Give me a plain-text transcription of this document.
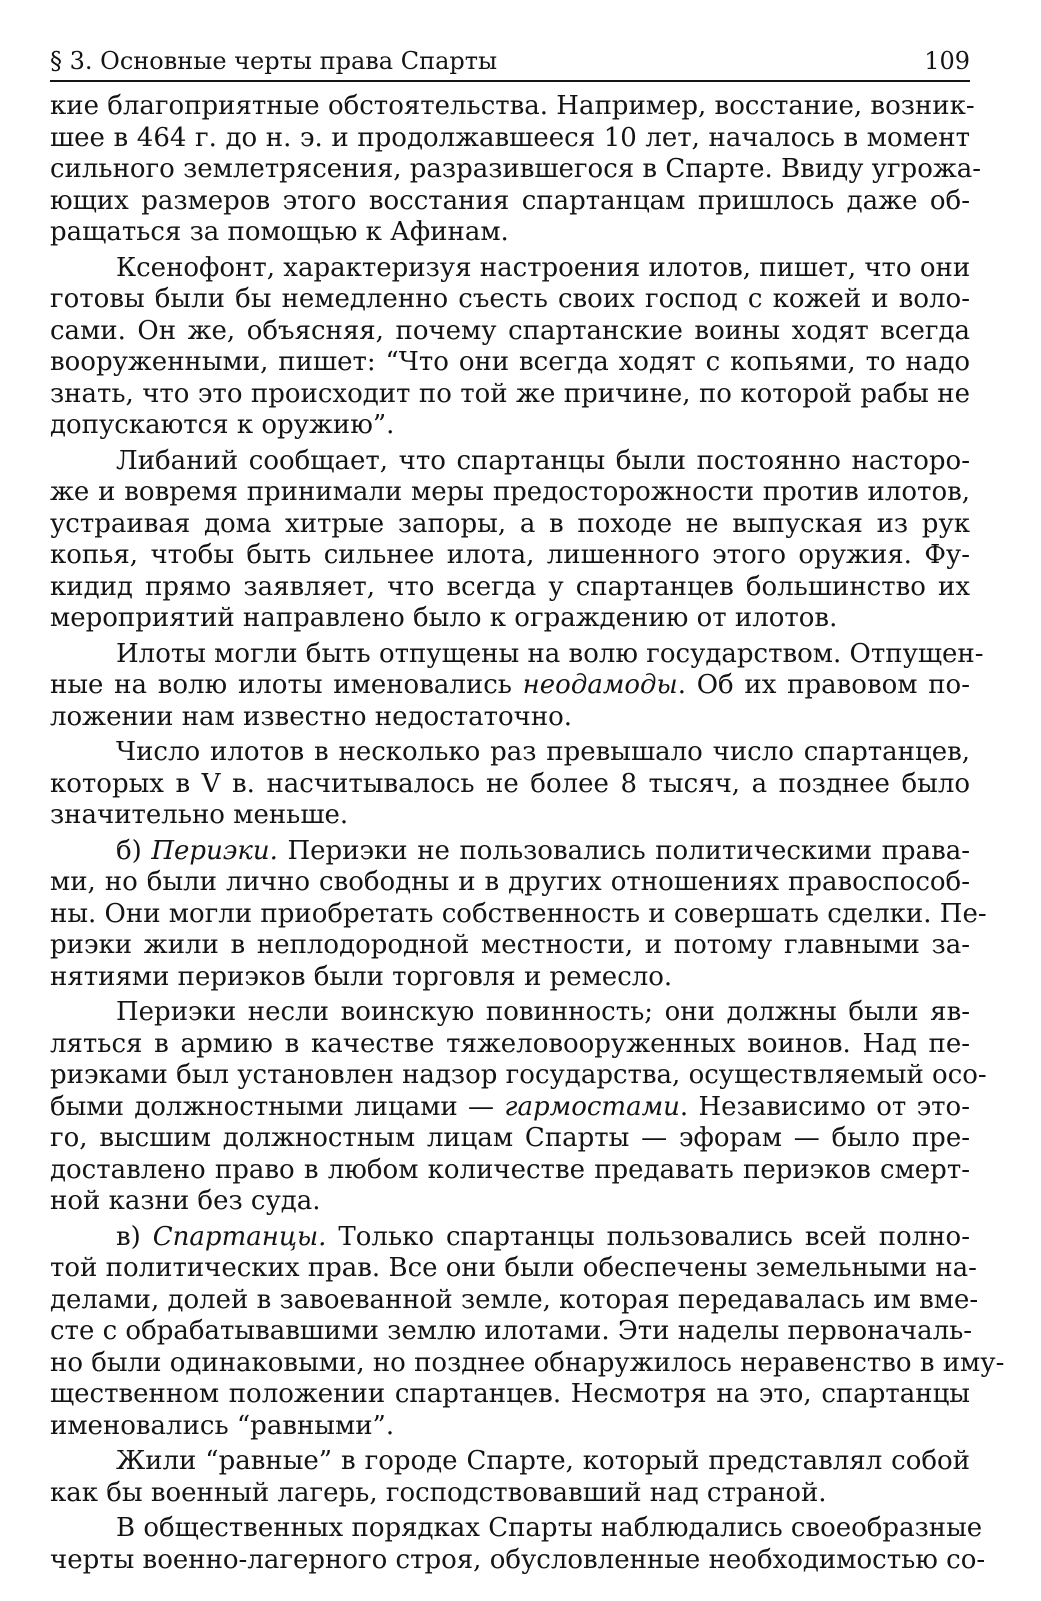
§ 3. Основные черты права Спарты	109
кие благоприятные обстоятельства. Например, восстание, возник-
шее в 464 г. до н. э. и продолжавшееся 10 лет, началось в момент
сильного землетрясения, разразившегося в Спарте. Ввиду угрожа-
ющих размеров этого восстания спартанцам пришлось даже об-
ращаться за помощью к Афинам.
Ксенофонт, характеризуя настроения илотов, пишет, что они
готовы были бы немедленно съесть своих господ с кожей и воло-
сами. Он же, объясняя, почему спартанские воины ходят всегда
вооруженными, пишет: “Что они всегда ходят с копьями, то надо
знать, что это происходит по той же причине, по которой рабы не
допускаются к оружию”.
Либаний сообщает, что спартанцы были постоянно насторо-
же и вовремя принимали меры предосторожности против илотов,
устраивая дома хитрые запоры, а в походе не выпуская из рук
копья, чтобы быть сильнее илота, лишенного этого оружия. Фу-
кидид прямо заявляет, что всегда у спартанцев большинство их
мероприятий направлено было к ограждению от илотов.
Илоты могли быть отпущены на волю государством. Отпущен-
ные на волю илоты именовались неодамоды. Об их правовом по-
ложении нам известно недостаточно.
Число илотов в несколько раз превышало число спартанцев,
которых в V в. насчитывалось не более 8 тысяч, а позднее было
значительно меньше.
б) Периэки. Периэки не пользовались политическими права-
ми, но были лично свободны и в других отношениях правоспособ-
ны. Они могли приобретать собственность и совершать сделки. Пе-
риэки жили в неплодородной местности, и потому главными за-
нятиями периэков были торговля и ремесло.
Периэки несли воинскую повинность; они должны были яв-
ляться в армию в качестве тяжеловооруженных воинов. Над пе-
риэками был установлен надзор государства, осуществляемый осо-
быми должностными лицами — гармостами. Независимо от это-
го, высшим должностным лицам Спарты — эфорам — было пре-
доставлено право в любом количестве предавать периэков смерт-
ной казни без суда.
в) Спартанцы. Только спартанцы пользовались всей полно-
той политических прав. Все они были обеспечены земельными на-
делами, долей в завоеванной земле, которая передавалась им вме-
сте с обрабатывавшими землю илотами. Эти наделы первоначаль-
но были одинаковыми, но позднее обнаружилось неравенство в иму-
щественном положении спартанцев. Несмотря на это, спартанцы
именовались “равными”.
Жили “равные” в городе Спарте, который представлял собой
как бы военный лагерь, господствовавший над страной.
В общественных порядках Спарты наблюдались своеобразные
черты военно-лагерного строя, обусловленные необходимостью со-
